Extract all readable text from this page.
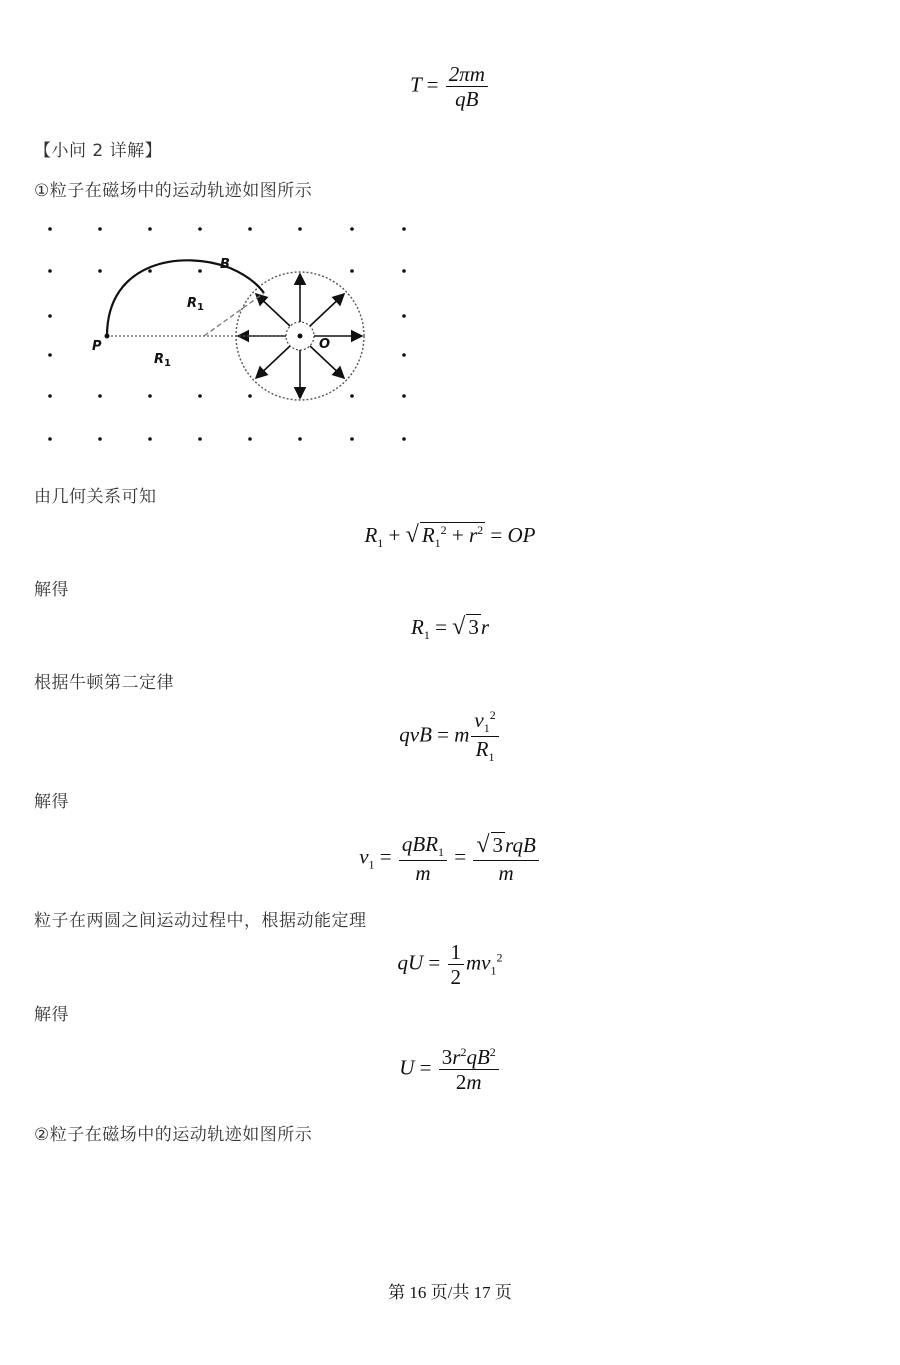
$T = \frac{2\pi m}{qB}$
【小问 2 详解】
①粒子在磁场中的运动轨迹如图所示
B
$R_1$
$R_1$
P	O
由几何关系可知
$R_1$ + √ $R_1^2 + r^2$ = OP
解得
$R_1$ = √ 3r
根据牛顿第二定律
qvB = m $\frac{v_1^2}{R_1}$
解得
$v_1 = \frac{qBR_1}{m} = \frac{\text{√ 3rqB}}{m}$
粒子在两圆之间运动过程中，根据动能定理
qU = $\frac{1}{2} mv_1^2$
解得
$U = \frac{3r^2qB^2}{2m}$
②粒子在磁场中的运动轨迹如图所示
第 16 页/共 17 页
